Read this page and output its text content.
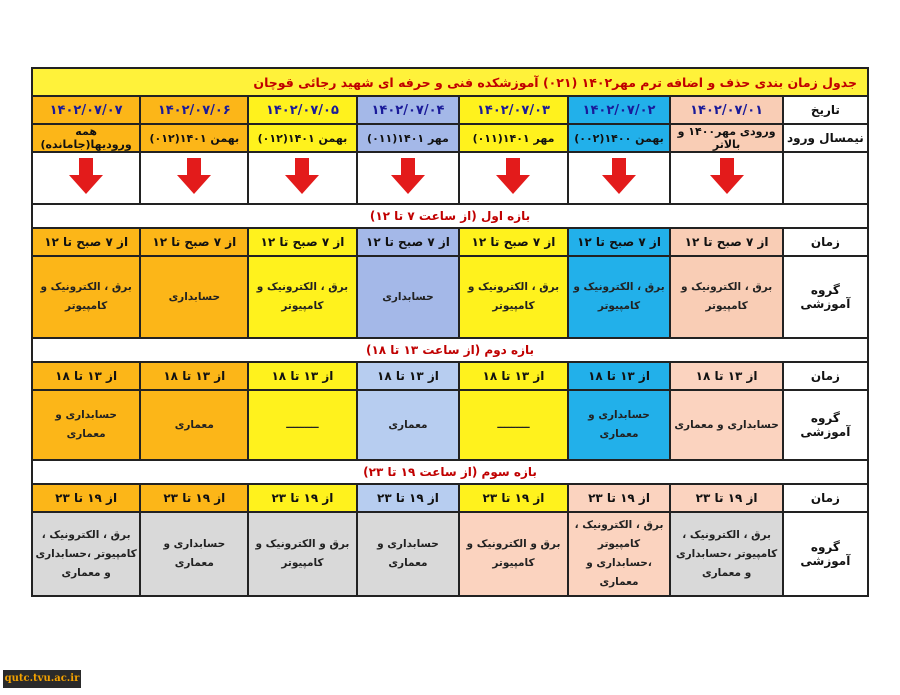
جدول زمان بندی حذف و اضافه ترم مهر۱۴۰۲ (۰۲۱) آموزشکده فنی و حرفه ای شهید رجائی قوچان							
تاریخ	۱۴۰۲/۰۷/۰۱	۱۴۰۲/۰۷/۰۲	۱۴۰۲/۰۷/۰۳	۱۴۰۲/۰۷/۰۴	۱۴۰۲/۰۷/۰۵	۱۴۰۲/۰۷/۰۶	۱۴۰۲/۰۷/۰۷
نیمسال ورود	ورودی مهر۱۴۰۰ و بالاتر	بهمن ۱۴۰۰(۰۰۲)	مهر ۱۴۰۱(۰۱۱)	مهر ۱۴۰۱(۰۱۱)	بهمن ۱۴۰۱(۰۱۲)	بهمن ۱۴۰۱(۰۱۲)	همه ورودیها(جامانده)

بازه اول (از ساعت ۷ تا ۱۲)							
زمان	از ۷ صبح تا ۱۲	از ۷ صبح تا ۱۲	از ۷ صبح تا ۱۲	از ۷ صبح تا ۱۲	از ۷ صبح تا ۱۲	از ۷ صبح تا ۱۲	از ۷ صبح تا ۱۲
گروه آموزشی	برق ، الکترونیک و کامپیوتر	برق ، الکترونیک و کامپیوتر	برق ، الکترونیک و کامپیوتر	حسابداری	برق ، الکترونیک و کامپیوتر	حسابداری	برق ، الکترونیک و کامپیوتر
بازه دوم (از ساعت ۱۳ تا ۱۸)							
زمان	از ۱۳ تا ۱۸	از ۱۳ تا ۱۸	از ۱۳ تا ۱۸	از ۱۳ تا ۱۸	از ۱۳ تا ۱۸	از ۱۳ تا ۱۸	از ۱۳ تا ۱۸
گروه آموزشی	حسابداری و معماری	حسابداری و معماری	ـــــــــ	معماری	ـــــــــ	معماری	حسابداری و معماری
بازه سوم (از ساعت ۱۹ تا ۲۳)							
زمان	از ۱۹ تا ۲۳	از ۱۹ تا ۲۳	از ۱۹ تا ۲۳	از ۱۹ تا ۲۳	از ۱۹ تا ۲۳	از ۱۹ تا ۲۳	از ۱۹ تا ۲۳
گروه آموزشی	برق ، الکترونیک ، کامپیوتر ،حسابداری و معماری	برق ، الکترونیک ، کامپیوتر ،حسابداری و معماری	برق و الکترونیک و کامپیوتر	حسابداری و معماری	برق و الکترونیک و کامپیوتر	حسابداری و معماری	برق ، الکترونیک ، کامپیوتر ،حسابداری و معماری
qutc.tvu.ac.ir
